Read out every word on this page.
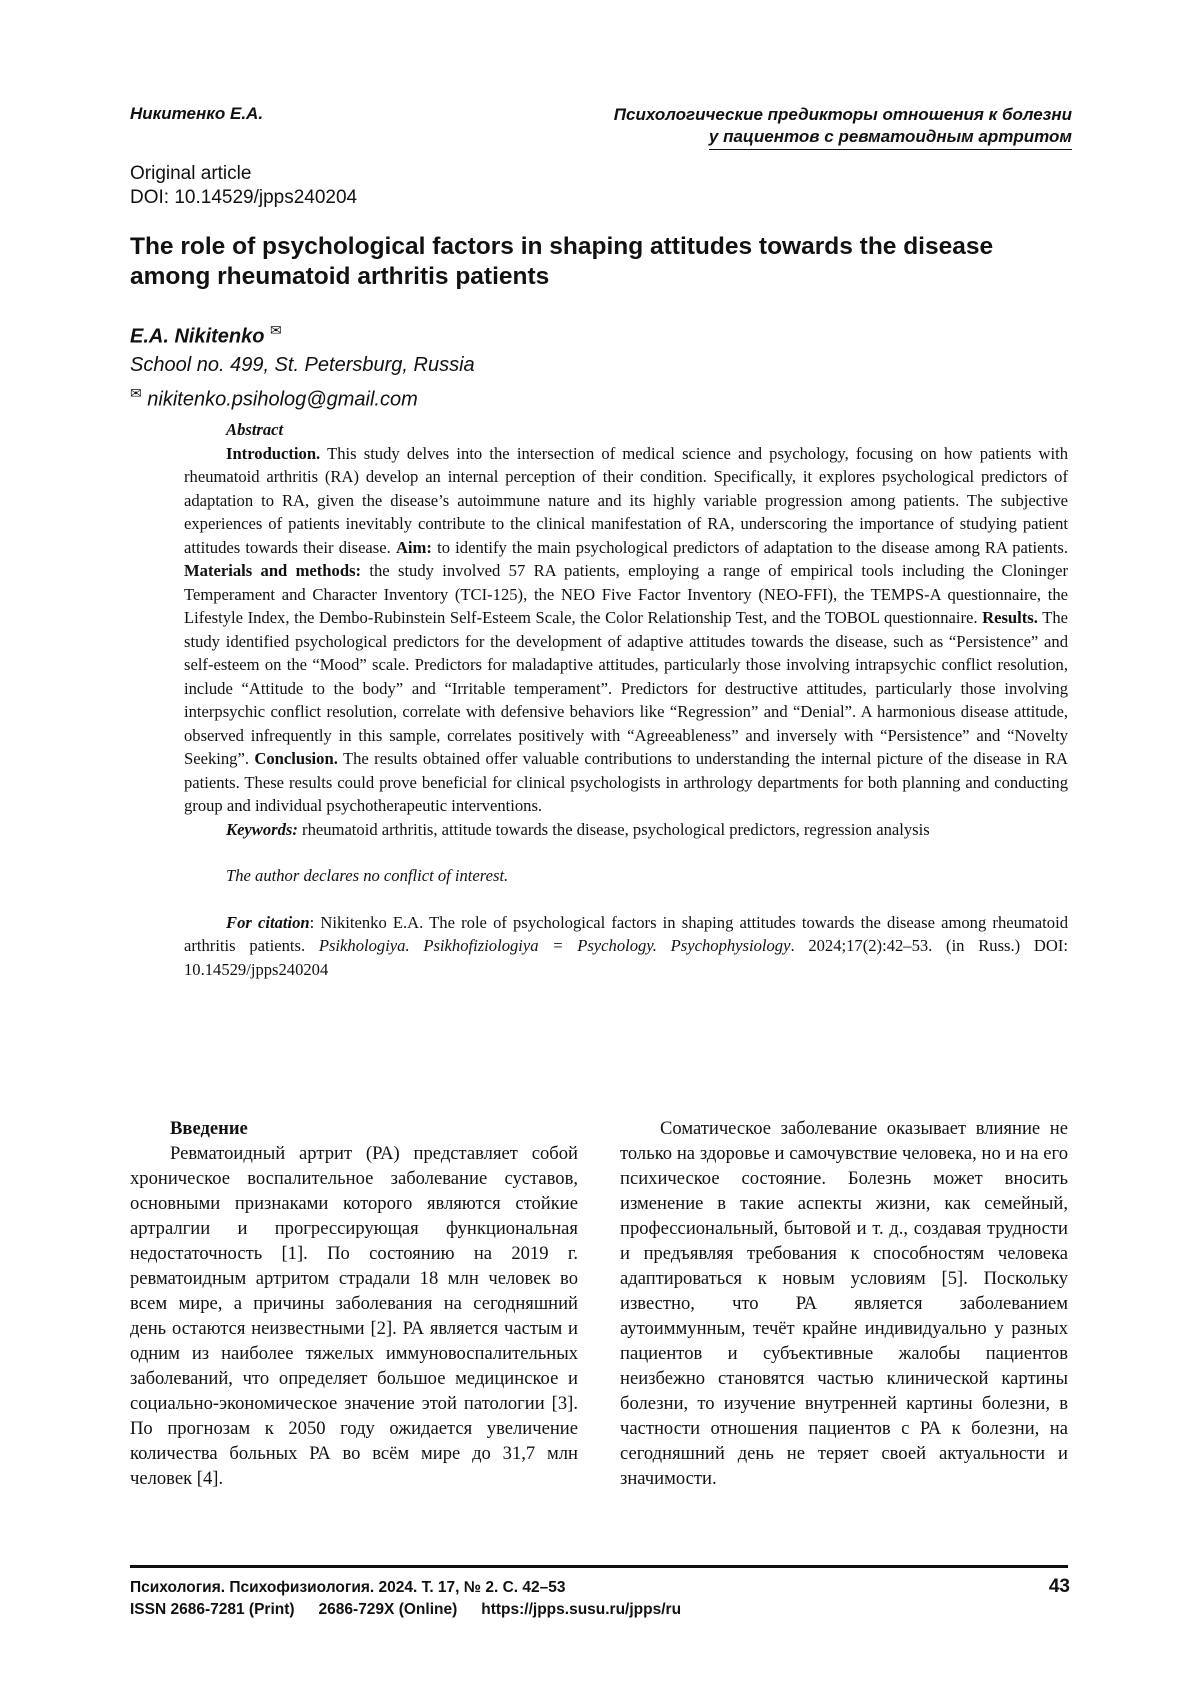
Никитенко Е.А.	Психологические предикторы отношения к болезни
у пациентов с ревматоидным артритом
Original article
DOI: 10.14529/jpps240204
The role of psychological factors in shaping attitudes towards the disease among rheumatoid arthritis patients
E.A. Nikitenko ✉
School no. 499, St. Petersburg, Russia
✉ nikitenko.psiholog@gmail.com

Abstract

Introduction. This study delves into the intersection of medical science and psychology, focusing on how patients with rheumatoid arthritis (RA) develop an internal perception of their condition. Specifically, it explores psychological predictors of adaptation to RA, given the disease’s autoimmune nature and its highly variable progression among patients. The subjective experiences of patients inevitably contribute to the clinical manifestation of RA, underscoring the importance of studying patient attitudes towards their disease. Aim: to identify the main psychological predictors of adaptation to the disease among RA patients. Materials and methods: the study involved 57 RA patients, employing a range of empirical tools including the Cloninger Temperament and Character Inventory (TCI-125), the NEO Five Factor Inventory (NEO-FFI), the TEMPS-A questionnaire, the Lifestyle Index, the Dembo-Rubinstein Self-Esteem Scale, the Color Relationship Test, and the TOBOL questionnaire. Results. The study identified psychological predictors for the development of adaptive attitudes towards the disease, such as “Persistence” and self-esteem on the “Mood” scale. Predictors for maladaptive attitudes, particularly those involving intrapsychic conflict resolution, include “Attitude to the body” and “Irritable temperament”. Predictors for destructive attitudes, particularly those involving interpsychic conflict resolution, correlate with defensive behaviors like “Regression” and “Denial”. A harmonious disease attitude, observed infrequently in this sample, correlates positively with “Agreeableness” and inversely with “Persistence” and “Novelty Seeking”. Conclusion. The results obtained offer valuable contributions to understanding the internal picture of the disease in RA patients. These results could prove beneficial for clinical psychologists in arthrology departments for both planning and conducting group and individual psychotherapeutic interventions.

Keywords: rheumatoid arthritis, attitude towards the disease, psychological predictors, regression analysis

The author declares no conflict of interest.

For citation: Nikitenko E.A. The role of psychological factors in shaping attitudes towards the disease among rheumatoid arthritis patients. Psikhologiya. Psikhofiziologiya = Psychology. Psychophysiology. 2024;17(2):42–53. (in Russ.) DOI: 10.14529/jpps240204

Введение

Ревматоидный артрит (РА) представляет собой хроническое воспалительное заболевание суставов, основными признаками которого являются стойкие артралгии и прогрессирующая функциональная недостаточность [1]. По состоянию на 2019 г. ревматоидным артритом страдали 18 млн человек во всем мире, а причины заболевания на сегодняшний день остаются неизвестными [2]. РА является частым и одним из наиболее тяжелых иммуновоспалительных заболеваний, что определяет большое медицинское и социально-экономическое значение этой патологии [3]. По прогнозам к 2050 году ожидается увеличение количества больных РА во всём мире до 31,7 млн человек [4].

Соматическое заболевание оказывает влияние не только на здоровье и самочувствие человека, но и на его психическое состояние. Болезнь может вносить изменение в такие аспекты жизни, как семейный, профессиональный, бытовой и т. д., создавая трудности и предъявляя требования к способностям человека адаптироваться к новым условиям [5]. Поскольку известно, что РА является заболеванием аутоиммунным, течёт крайне индивидуально у разных пациентов и субъективные жалобы пациентов неизбежно становятся частью клинической картины болезни, то изучение внутренней картины болезни, в частности отношения пациентов с РА к болезни, на сегодняшний день не теряет своей актуальности и значимости.

Психология. Психофизиология. 2024. Т. 17, № 2. С. 42–53
ISSN 2686-7281 (Print) 2686-729X (Online) https://jpps.susu.ru/jpps/ru
43
